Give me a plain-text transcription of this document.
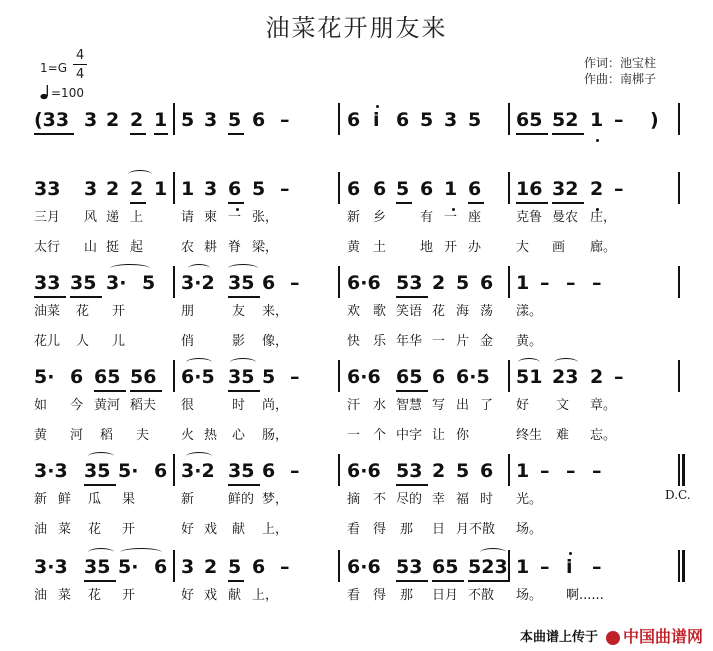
油菜花开朋友来
1=G
4
4
=100
作词：池宝柱
作曲：南梆子
(33 3 2 2 1 5 3 5 6 –	6 i 6 5 3 5 65 52 1 – )
33 3 2 2 1 1 3 6 5 –	6 6 5 6 1 6 16 32 2 –
三月 风 递 上	请 柬 一 张，	新 乡	有 一 座	克鲁 曼农 庄，
太行 山 挺 起	农 耕 脊 梁，	黄 土	地 开 办	大 画 廊。
33 35 3· 5 3·2 35 6 –	6·6 53 2 5 6 1 – – –
油菜 花 开	朋	友 来，	欢 歌 笑语 花 海 荡 漾。
花儿 人 儿	俏	影 像，	快 乐 年华 一 片 金 黄。
5· 6 65 56 6·5 35 5 –	6·6 65 6 6·5 51 23 2 –
如 今 黄河 稻夫 很	时 尚，	汗 水 智慧 写 出 了 好 文 章。
黄 河 稻 夫 火 热 心 肠，	一 个 中字 让 你	终生 难 忘。
3·3 35 5· 6 3·2 35 6 –	6·6 53 2 5 6 1 – – –
新 鲜 瓜 果	新	鲜的 梦，	摘 不 尽的 幸 福 时 光。
油 菜 花 开	好 戏 献 上，	看 得 那 日 月不散 场。
3·3 35 5· 6 3 2 5 6 –	6·6 53 65 523 1 – i –
油 菜 花 开	好 戏 献 上，	看 得 那 日月 不散 场。 啊......
D.C.
本曲谱上传于	中国曲谱网
